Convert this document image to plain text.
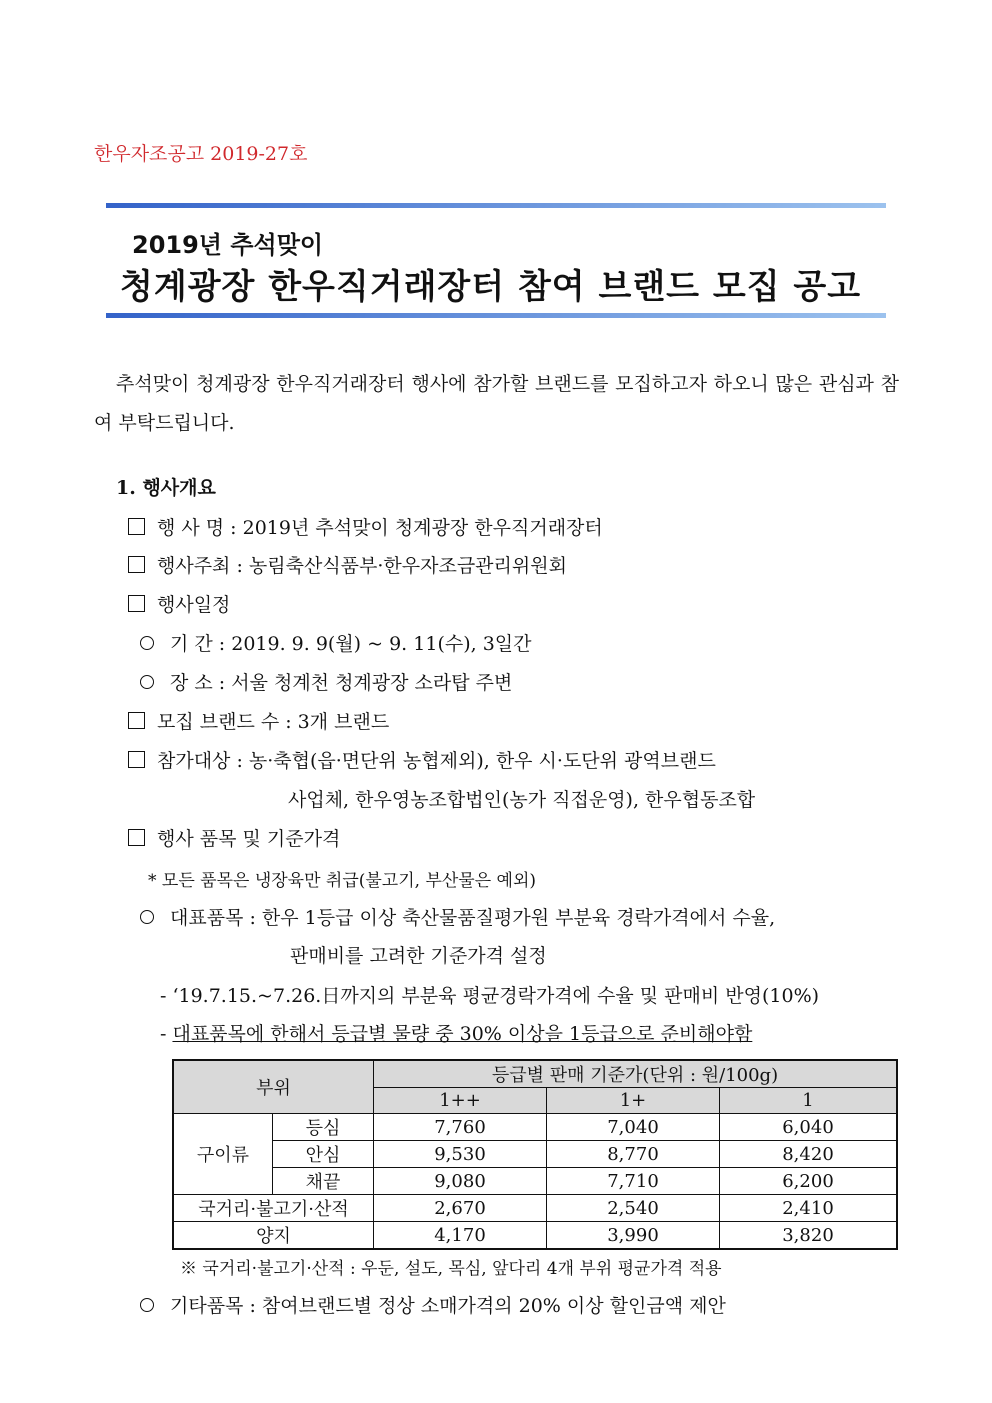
한우자조공고 2019-27호
2019년 추석맞이
청계광장 한우직거래장터 참여 브랜드 모집 공고
추석맞이 청계광장 한우직거래장터 행사에 참가할 브랜드를 모집하고자 하오니 많은 관심과 참여 부탁드립니다.
1. 행사개요
행 사 명 : 2019년 추석맞이 청계광장 한우직거래장터
행사주최 : 농림축산식품부·한우자조금관리위원회
행사일정
기 간 : 2019. 9. 9(월) ~ 9. 11(수), 3일간
장 소 : 서울 청계천 청계광장 소라탑 주변
모집 브랜드 수 : 3개 브랜드
참가대상 : 농·축협(읍·면단위 농협제외), 한우 시·도단위 광역브랜드
사업체, 한우영농조합법인(농가 직접운영), 한우협동조합
행사 품목 및 기준가격
* 모든 품목은 냉장육만 취급(불고기, 부산물은 예외)
대표품목 : 한우 1등급 이상 축산물품질평가원 부분육 경락가격에서 수율,
판매비를 고려한 기준가격 설정
- ‘19.7.15.~7.26.日까지의 부분육 평균경락가격에 수율 및 판매비 반영(10%)
- 대표품목에 한해서 등급별 물량 중 30% 이상을 1등급으로 준비해야함
부위		등급별 판매 기준가(단위 : 원/100g)		
		1++	1+	1
구이류	등심	7,760	7,040	6,040
	안심	9,530	8,770	8,420
	채끝	9,080	7,710	6,200
국거리·불고기·산적		2,670	2,540	2,410
양지		4,170	3,990	3,820
※ 국거리·불고기·산적 : 우둔, 설도, 목심, 앞다리 4개 부위 평균가격 적용
기타품목 : 참여브랜드별 정상 소매가격의 20% 이상 할인금액 제안
